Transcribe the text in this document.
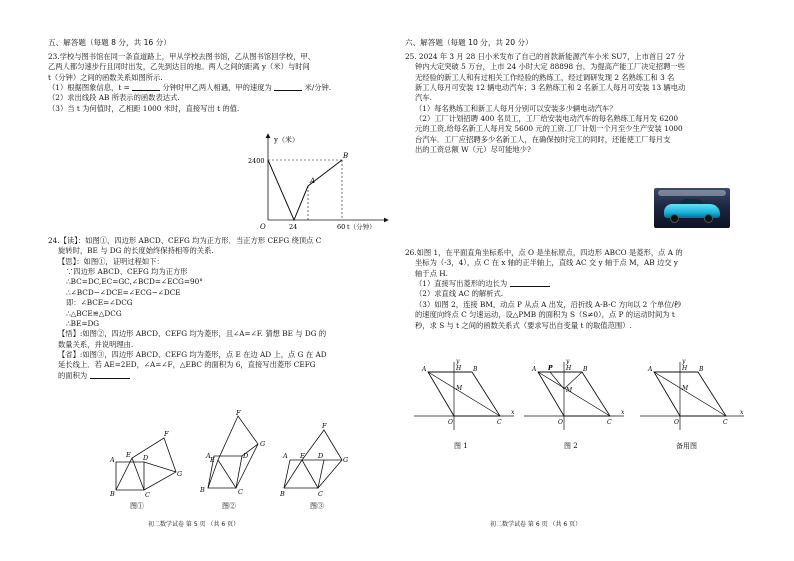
五、解答题（每题 8 分，共 16 分）

23.学校与图书馆在同一条直道路上，甲从学校去图书馆，乙从图书馆回学校，甲、

乙两人都匀速步行且同时出发，乙先到达目的地。两人之间的距离 y（米）与时间

t（分钟）之间的函数关系如图所示.

（1）根据图象信息，t =	分钟时甲乙两人相遇，甲的速度为	米/分钟.

（2）求出线段 AB 所表示的函数表达式.

（3）当 t 为何值时，乙相距 1000 米时，直接写出 t 的值.

y（米）
2400
O	24	60 t（分钟）
A
B

24.【读】：如图①，四边形 ABCD、CEFG 均为正方形．当正方形 CEFG 绕顶点 C

旋转时，BE 与 DG 的长度始终保持相等的关系.

【思】：如图①，证明过程如下：

∵四边形 ABCD、CEFG 均为正方形

∴BC=DC,EC=GC,∠BCD=∠ECG=90°

∴∠BCD−∠DCE=∠ECG−∠DCE

即：∠BCE=∠DCG

∴△BCE≌△DCG

∴BE=DG

【悟】:如图②，四边形 ABCD、CEFG 均为菱形，且∠A=∠F. 猜想 BE 与 DG 的

数量关系，并说明理由.

【省】:如图③，四边形 ABCD、CEFG 均为菱形，点 E 在边 AD 上，点 G 在 AD

延长线上．若 AE=2ED，∠A=∠F，△EBC 的面积为 6，直接写出菱形 CEFG

的面积为

A	D
B	C
E
F
G
图①
A	D
B	C
E
F
G
图②
A E D	G
F
B	C
图③
初二数学试卷 第 5 页 （共 6 页）
六、解答题（每题 10 分，共 20 分）

25. 2024 年 3 月 28 日小米发布了自己的首款新能源汽车小米 SU7，上市首日 27 分

钟内大定突破 5 万台，上市 24 小时大定 88898 台，为提高产能工厂决定招聘一些

无经验的新工人和有过相关工作经验的熟练工，经过调研发现 2 名熟练工和 3 名

新工人每月可安装 12 辆电动汽车；3 名熟练工和 2 名新工人每月可安装 13 辆电动

汽车.

（1）每名熟练工和新工人每月分别可以安装多少辆电动汽车？

（2）工厂计划招聘 400 名员工，工厂给安装电动汽车的每名熟练工每月发 6200

元的工资,给每名新工人每月发 5600 元的工资.工厂计划一个月至少生产安装 1000

台汽车．工厂应招聘多少名新工人，在确保按时完工的同时，还能使工厂每月支

出的工资总额 W（元）尽可能地少?

26.如图 1，在平面直角坐标系中，点 O 是坐标原点，四边形 ABCO 是菱形，点 A 的

坐标为（-3，4），点 C 在 x 轴的正半轴上，直线 AC 交 y 轴于点 M，AB 边交 y

轴于点 H.

（1）直接写出菱形的边长为

（2）求直线 AC 的解析式.

（3）如图 2，连接 BM，动点 P 从点 A 出发，沿折线 A-B-C 方向以 2 个单位/秒

的速度向终点 C 匀速运动，设△PMB 的面积为 S（S≠0），点 P 的运动时间为 t

秒，求 S 与 t 之间的函数关系式（要求写出自变量 t 的取值范围）.

A	H B
M
O	C
x
y
图 1
A P H B
M
O	C
x
y
图 2
A	H B
M
O	C
x
y
备用图
初二数学试卷 第 6 页 （共 6 页）
